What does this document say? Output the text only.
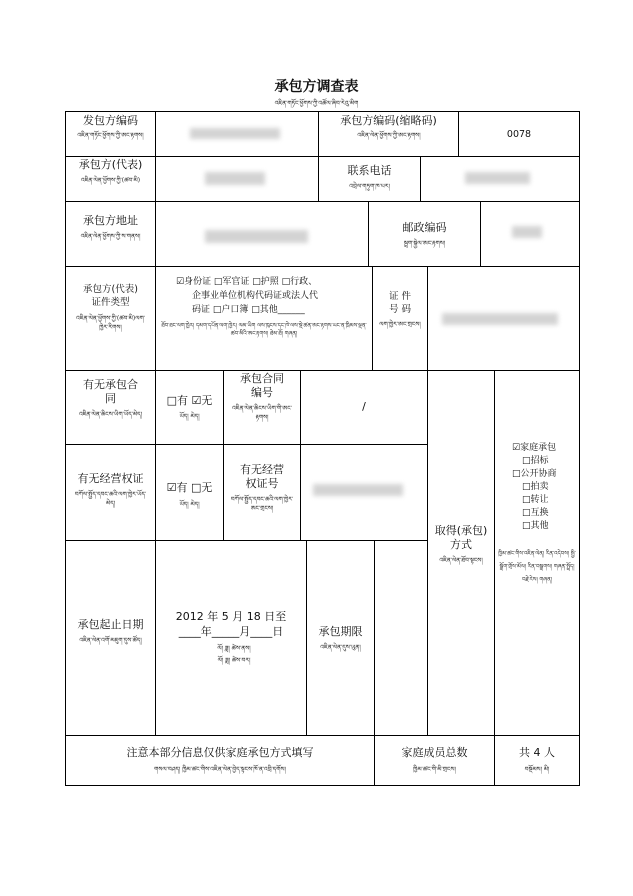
承包方调查表
འཇིན་གཏོང་ཕྱོགས་ཀྱི་འཚོལ་ཞིབ་རེའུ་མིག
发包方编码
འཇིན་གཏོང་ཕྱོགས་ཀྱི་ཨང་རྟགས།
承包方编码(缩略码)
འཇིན་ལེན་ཕྱོགས་ཀྱི་ཨང་རྟགས།	0078
承包方(代表)
འཇིན་ལེན་ཕྱོགས་ཀྱི་(ཚབ་མི)
联系电话
འབྲེལ་གཏུག་ཁ་པར།
承包方地址
འཇིན་ལེན་ཕྱོགས་ཀྱི་ས་གནས།
邮政编码
སྦྲག་སྐྱེལ་ཨང་རྟགས།
承包方(代表)
证件类型
འཇིན་ལེན་ཕྱོགས་ཀྱི་(ཚབ་མི)ལག་ཁྱེར་རིགས།
☑身份证 □军官证 □护照 □行政、
企事业单位机构代码证或法人代
码证 □户口簿 □其他______
ཐོབ་ཐང་ལག་ཁྱེར། དམག་དཔོན་ལག་ཁྱེར། ལམ་ཡིག ལས་ཁུངས་དང་ཁེ་ལས་སྡེ་ཚན་ཨང་རྟགས་ཡང་ན་ཁྲིམས་ལྡན་ཚབ་མིའི་ཨང་རྟགས། ཐེམ་ཐོ། གཞན།
证 件
号 码
ལག་ཁྱེར་ཨང་གྲངས།
有无承包合
同
འཇིན་ལེན་ཆིངས་ཡིག་ཡོད་མེད།
□有 ☑无
ཡོད། མེད།
承包合同
编号
འཇིན་ལེན་ཆིངས་ཡིག་གི་ཨང་རྟགས།
/
有无经营权证
བཀོལ་སྤྱོད་དབང་ཆའི་ལག་ཁྱེར་ཡོད་མེད།
☑有 □无
ཡོད། མེད།
有无经营
权证号
བཀོལ་སྤྱོད་དབང་ཆའི་ལག་ཁྱེར་ཨང་གྲངས།
取得(承包)
方式
འཇིན་ལེན་ཐོབ་སྟངས།
☑家庭承包
□招标
□公开协商
□拍卖
□转让
□互换
□其他
ཁྱིམ་ཚང་གིས་འཇིན་ལེན། རིན་འདེབས། སྤྱི་སྒྲོག་གྲོས་མོལ། རིན་བསྒྲགས། གཞན་སྤྲོད། བརྗེ་རེས། གཞན།
承包起止日期
འཇིན་ལེན་འགོ་མཇུག་དུས་ཚོད།
2012 年 5 月 18 日至
____年_____月____日
ལོ། ཟླ། ཚེས་ནས།
ལོ། ཟླ། ཚེས་བར།
承包期限
འཇིན་ལེན་དུས་ཡུན།
注意本部分信息仅供家庭承包方式填写
གསལ་བཤད། ཁྱིམ་ཚང་གིས་འཇིན་ལེན་བྱེད་སྟངས་ཁོ་ན་འབྲི་དགོས།
家庭成员总数
ཁྱིམ་ཚང་གི་མི་གྲངས།
共 4 人
བསྡོམས། མི།
